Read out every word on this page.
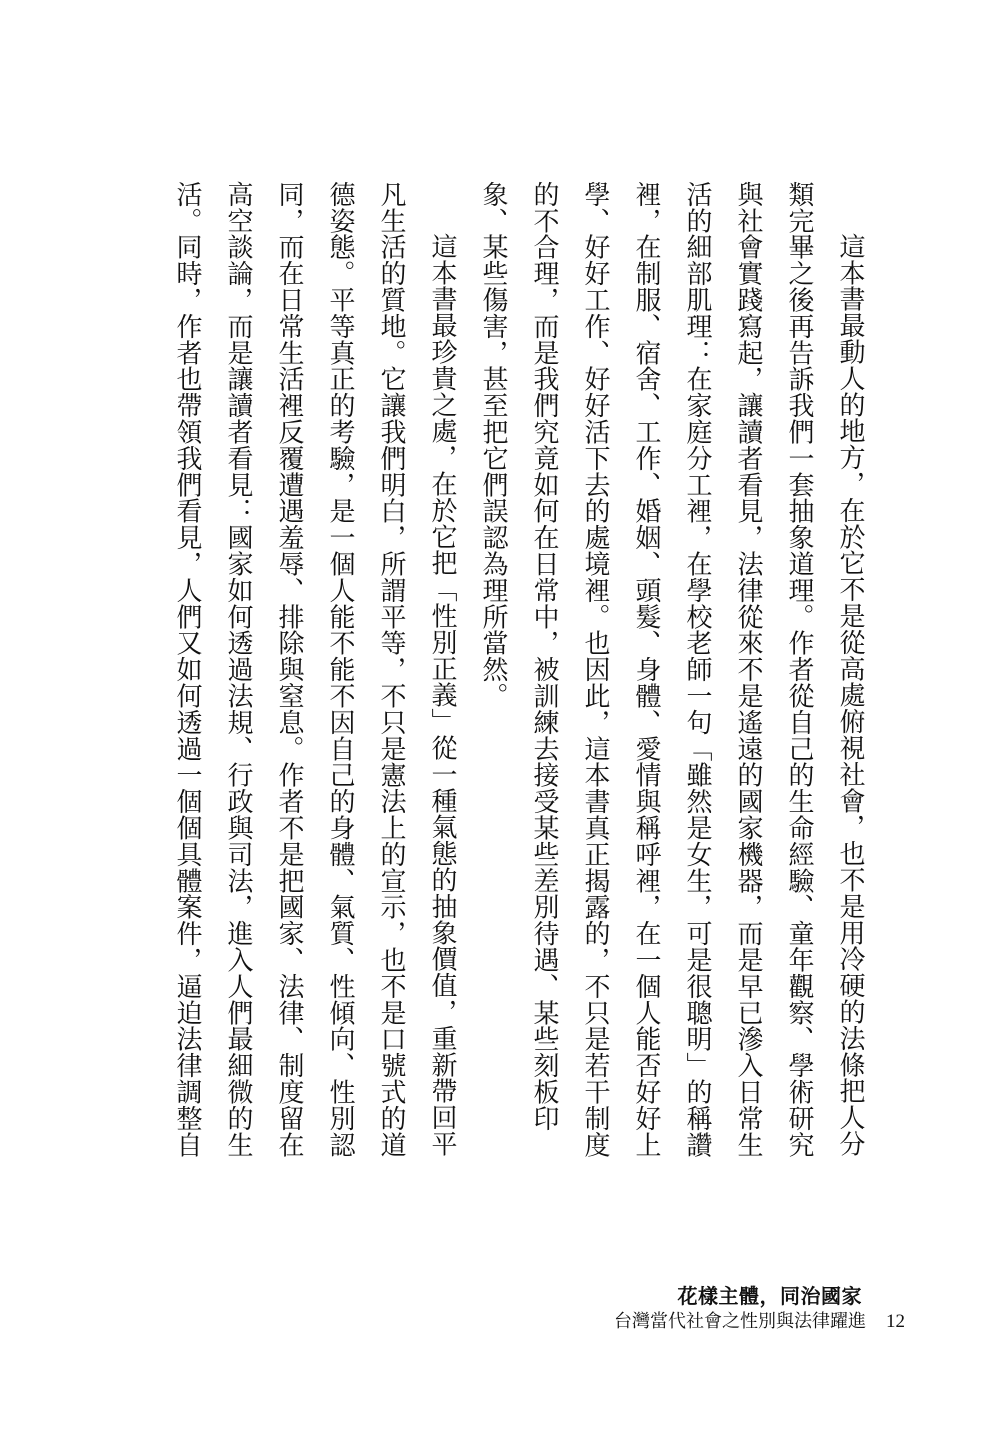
這本書最動人的地方，在於它不是從高處俯視社會，也不是用冷硬的法條把人分
類完畢之後再告訴我們一套抽象道理。作者從自己的生命經驗、童年觀察、學術研究
與社會實踐寫起，讓讀者看見，法律從來不是遙遠的國家機器，而是早已滲入日常生
活的細部肌理：在家庭分工裡，在學校老師一句「雖然是女生，可是很聰明」的稱讚
裡，在制服、宿舍、工作、婚姻、頭髮、身體、愛情與稱呼裡，在一個人能否好好上
學、好好工作、好好活下去的處境裡。也因此，這本書真正揭露的，不只是若干制度
的不合理，而是我們究竟如何在日常中，被訓練去接受某些差別待遇、某些刻板印
象、某些傷害，甚至把它們誤認為理所當然。
這本書最珍貴之處，在於它把「性別正義」從一種氣態的抽象價值，重新帶回平
凡生活的質地。它讓我們明白，所謂平等，不只是憲法上的宣示，也不是口號式的道
德姿態。平等真正的考驗，是一個人能不能不因自己的身體、氣質、性傾向、性別認
同，而在日常生活裡反覆遭遇羞辱、排除與窒息。作者不是把國家、法律、制度留在
高空談論，而是讓讀者看見：國家如何透過法規、行政與司法，進入人們最細微的生
活。同時，作者也帶領我們看見，人們又如何透過一個個具體案件，逼迫法律調整自
花樣主體，同治國家
台灣當代社會之性別與法律躍進 12
